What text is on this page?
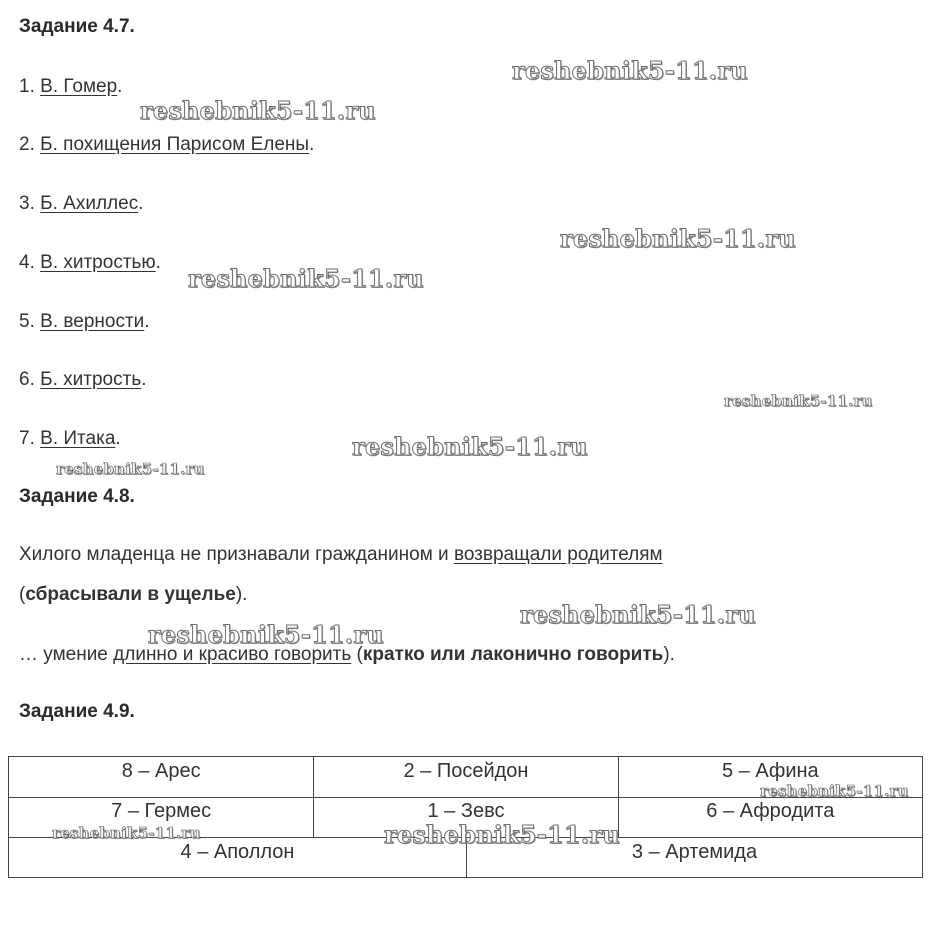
Задание 4.7.
1. В. Гомер.
2. Б. похищения Парисом Елены.
3. Б. Ахиллес.
4. В. хитростью.
5. В. верности.
6. Б. хитрость.
7. В. Итака.
Задание 4.8.
Хилого младенца не признавали гражданином и возвращали родителям
(сбрасывали в ущелье).
… умение длинно и красиво говорить (кратко или лаконично говорить).
Задание 4.9.
8 – Арес	2 – Посейдон	5 – Афина
7 – Гермес	1 – Зевс	6 – Афродита
4 – Аполлон	3 – Артемида
reshebnik5-11.ru
reshebnik5-11.ru
reshebnik5-11.ru
reshebnik5-11.ru
reshebnik5-11.ru
reshebnik5-11.ru
reshebnik5-11.ru
reshebnik5-11.ru
reshebnik5-11.ru
reshebnik5-11.ru
reshebnik5-11.ru	reshebnik5-11.ru
